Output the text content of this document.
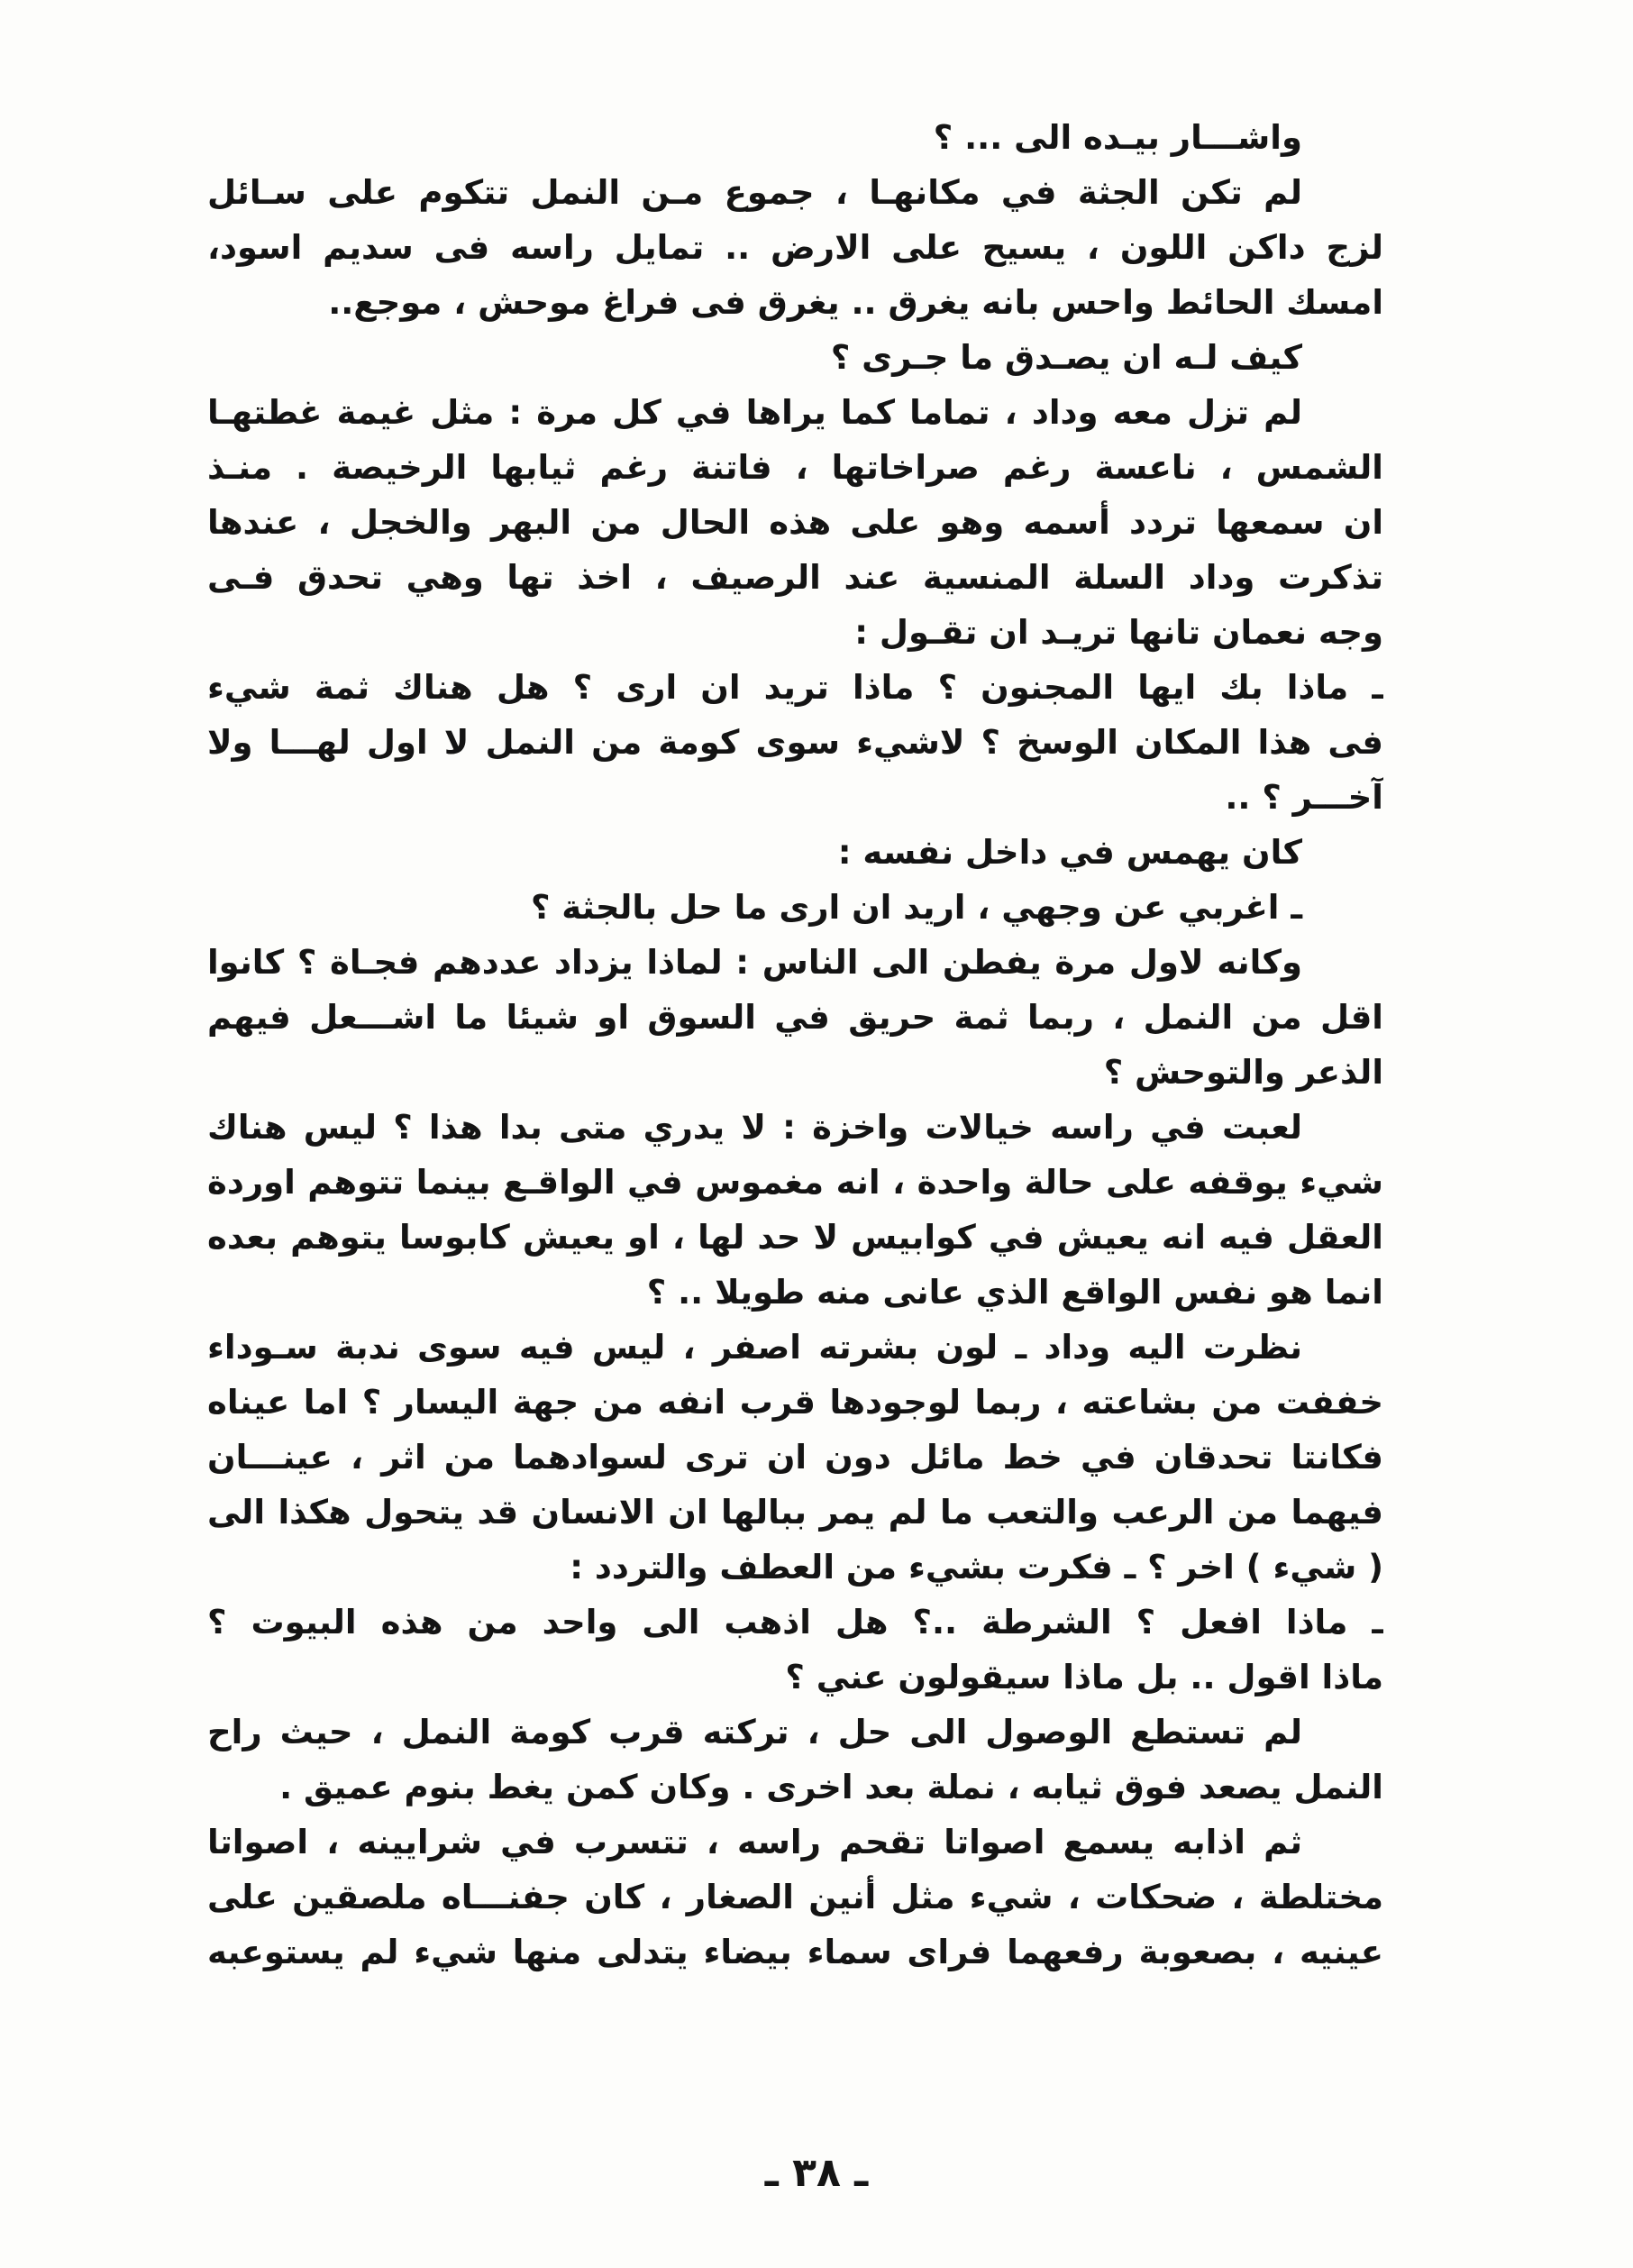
واشـــار بيـده الى ... ؟
لم تكن الجثة في مكانهـا ، جموع مـن النمل تتكوم على سـائل
لزج داكن اللون ، يسيح على الارض .. تمايل راسه فى سديم اسود،
امسك الحائط واحس بانه يغرق .. يغرق فى فراغ موحش ، موجع..
كيف لـه ان يصـدق ما جـرى ؟
لم تزل معه وداد ، تماما كما يراها في كل مرة : مثل غيمة غطتهـا
الشمس ، ناعسة رغم صراخاتها ، فاتنة رغم ثيابها الرخيصة . منـذ
ان سمعها تردد أسمه وهو على هذه الحال من البهر والخجل ، عندها
تذكرت وداد السلة المنسية عند الرصيف ، اخذ تها وهي تحدق فـى
وجه نعمان تانها تريـد ان تقـول :
ـ ماذا بك ايها المجنون ؟ ماذا تريد ان ارى ؟ هل هناك ثمة شيء
فى هذا المكان الوسخ ؟ لاشيء سوى كومة من النمل لا اول لهـــا ولا
آخـــر ؟ ..
كان يهمس في داخل نفسه :
ـ اغربي عن وجهي ، اريد ان ارى ما حل بالجثة ؟
وكانه لاول مرة يفطن الى الناس : لماذا يزداد عددهم فجـاة ؟ كانوا
اقل من النمل ، ربما ثمة حريق في السوق او شيئا ما اشـــعل فيهم
الذعر والتوحش ؟
لعبت في راسه خيالات واخزة : لا يدري متى بدا هذا ؟ ليس هناك
شيء يوقفه على حالة واحدة ، انه مغموس في الواقـع بينما تتوهم اوردة
العقل فيه انه يعيش في كوابيس لا حد لها ، او يعيش كابوسا يتوهم بعده
انما هو نفس الواقع الذي عانى منه طويلا .. ؟
نظرت اليه وداد ـ لون بشرته اصفر ، ليس فيه سوى ندبة سـوداء
خففت من بشاعته ، ربما لوجودها قرب انفه من جهة اليسار ؟ اما عيناه
فكانتا تحدقان في خط مائل دون ان ترى لسوادهما من اثر ، عينـــان
فيهما من الرعب والتعب ما لم يمر ببالها ان الانسان قد يتحول هكذا الى
( شيء ) اخر ؟ ـ فكرت بشيء من العطف والتردد :
ـ ماذا افعل ؟ الشرطة ..؟ هل اذهب الى واحد من هذه البيوت ؟
ماذا اقول .. بل ماذا سيقولون عني ؟
لم تستطع الوصول الى حل ، تركته قرب كومة النمل ، حيث راح
النمل يصعد فوق ثيابه ، نملة بعد اخرى . وكان كمن يغط بنوم عميق .
ثم اذابه يسمع اصواتا تقحم راسه ، تتسرب في شرايينه ، اصواتا
مختلطة ، ضحكات ، شيء مثل أنين الصغار ، كان جفنـــاه ملصقين على
عينيه ، بصعوبة رفعهما فراى سماء بيضاء يتدلى منها شيء لم يستوعبه
ـ ٣٨ ـ
